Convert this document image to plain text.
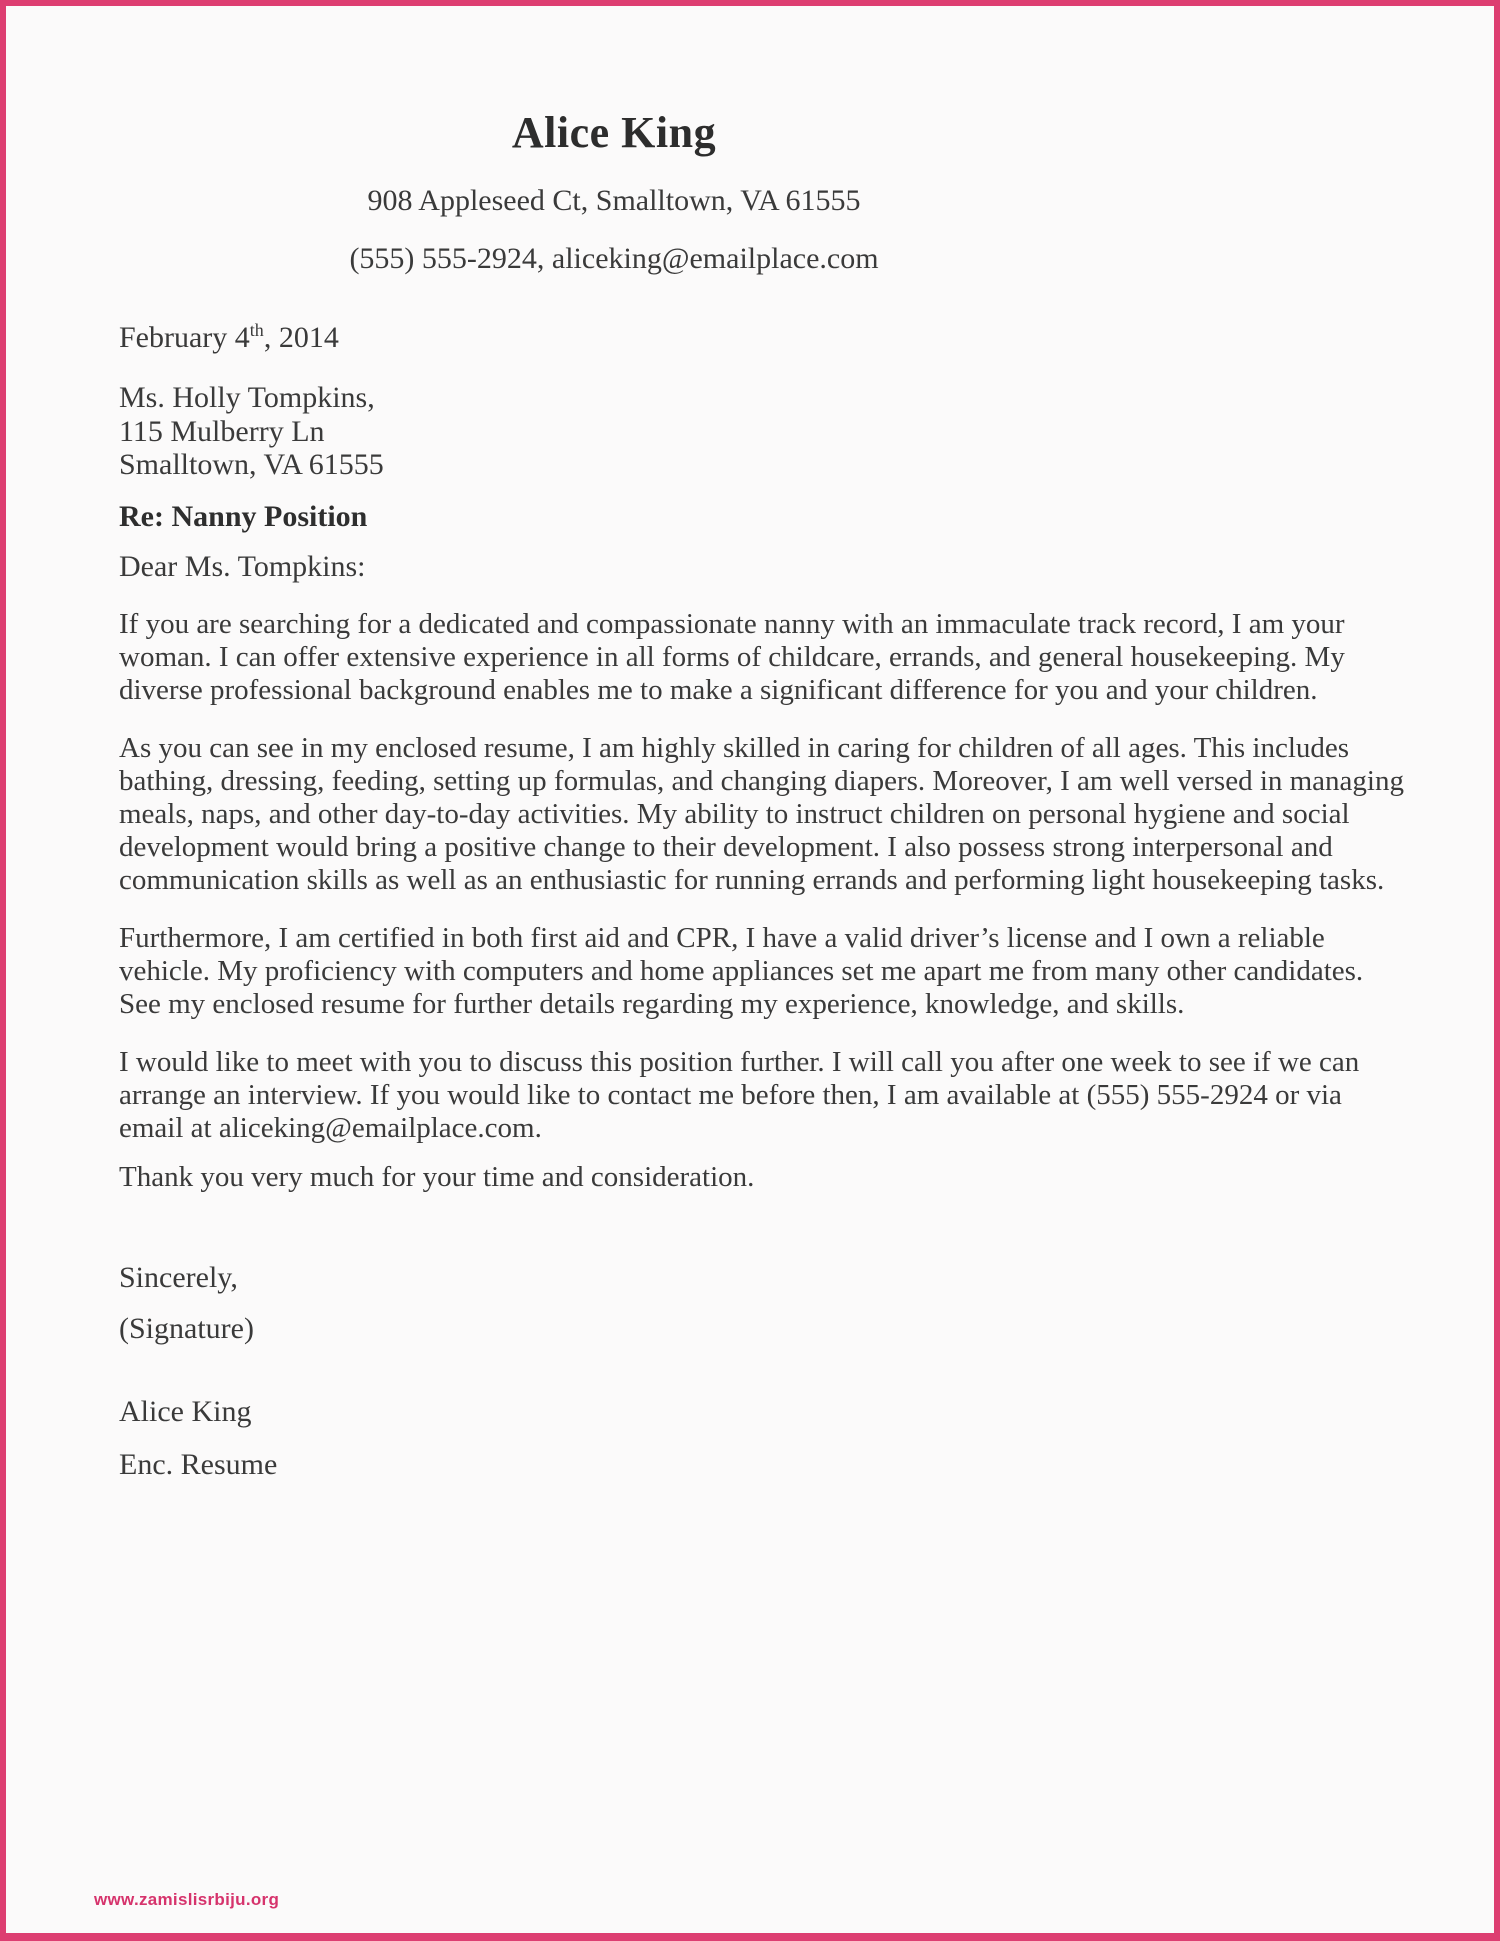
Alice King

908 Appleseed Ct, Smalltown, VA 61555

(555) 555-2924, aliceking@emailplace.com

February 4th, 2014

Ms. Holly Tompkins,

115 Mulberry Ln

Smalltown, VA 61555

Re: Nanny Position

Dear Ms. Tompkins:

If you are searching for a dedicated and compassionate nanny with an immaculate track record, I am your woman. I can offer extensive experience in all forms of childcare, errands, and general housekeeping. My diverse professional background enables me to make a significant difference for you and your children.

As you can see in my enclosed resume, I am highly skilled in caring for children of all ages. This includes bathing, dressing, feeding, setting up formulas, and changing diapers. Moreover, I am well versed in managing meals, naps, and other day-to-day activities. My ability to instruct children on personal hygiene and social development would bring a positive change to their development. I also possess strong interpersonal and communication skills as well as an enthusiastic for running errands and performing light housekeeping tasks.

Furthermore, I am certified in both first aid and CPR, I have a valid driver’s license and I own a reliable vehicle. My proficiency with computers and home appliances set me apart me from many other candidates. See my enclosed resume for further details regarding my experience, knowledge, and skills.

I would like to meet with you to discuss this position further. I will call you after one week to see if we can arrange an interview. If you would like to contact me before then, I am available at (555) 555-2924 or via email at aliceking@emailplace.com.

Thank you very much for your time and consideration.

Sincerely,

(Signature)

Alice King

Enc. Resume

www.zamislisrbiju.org
